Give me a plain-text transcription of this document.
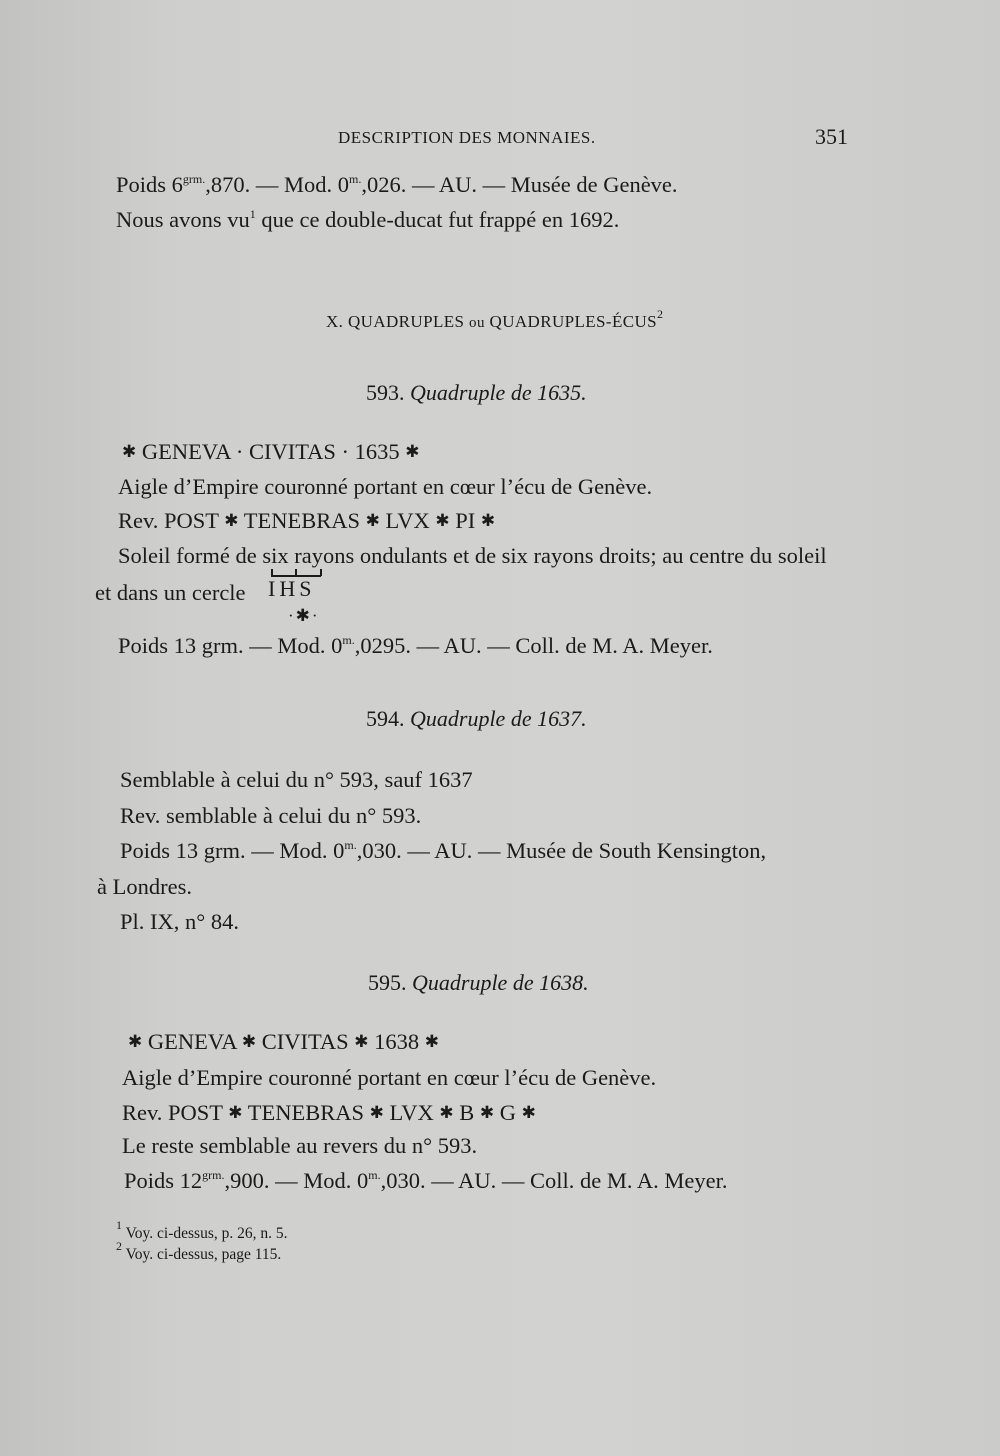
DESCRIPTION DES MONNAIES.	351
Poids $6^{grm.},870$. — Mod. $0^{m.},026$. — AU. — Musée de Genève.
Nous avons $vu^1$ que ce double-ducat fut frappé en 1692.
X. QUADRUPLES ou QUADRUPLES-ÉCUS$^2$
593. Quadruple de 1635.
✱ GENEVA · CIVITAS · 1635 ✱
Aigle d’Empire couronné portant en cœur l’écu de Genève.
Rev. POST ✱ TENEBRAS ✱ LVX ✱ ΡΙ ✱
Soleil formé de six rayons ondulants et de six rayons droits; au centre du soleil
et dans un cercle IHS
·✱·
Poids 13 grm. — Mod. $0^{m.},0295$. — AU. — Coll. de M. A. Meyer.
594. Quadruple de 1637.
Semblable à celui du n° 593, sauf 1637
Rev. semblable à celui du n° 593.
Poids 13 grm. — Mod. $0^{m.},030$. — AU. — Musée de South Kensington,
à Londres.
Pl. IX, n° 84.
595. Quadruple de 1638.
✱ GENEVA ✱ CIVITAS ✱ 1638 ✱
Aigle d’Empire couronné portant en cœur l’écu de Genève.
Rev. POST ✱ TENEBRAS ✱ LVX ✱ B ✱ G ✱
Le reste semblable au revers du n° 593.
Poids $12^{grm.},900$. — Mod. $0^{m.},030$. — AU. — Coll. de M. A. Meyer.
$^1$ Voy. ci-dessus, p. 26, n. 5.
$^2$ Voy. ci-dessus, page 115.
